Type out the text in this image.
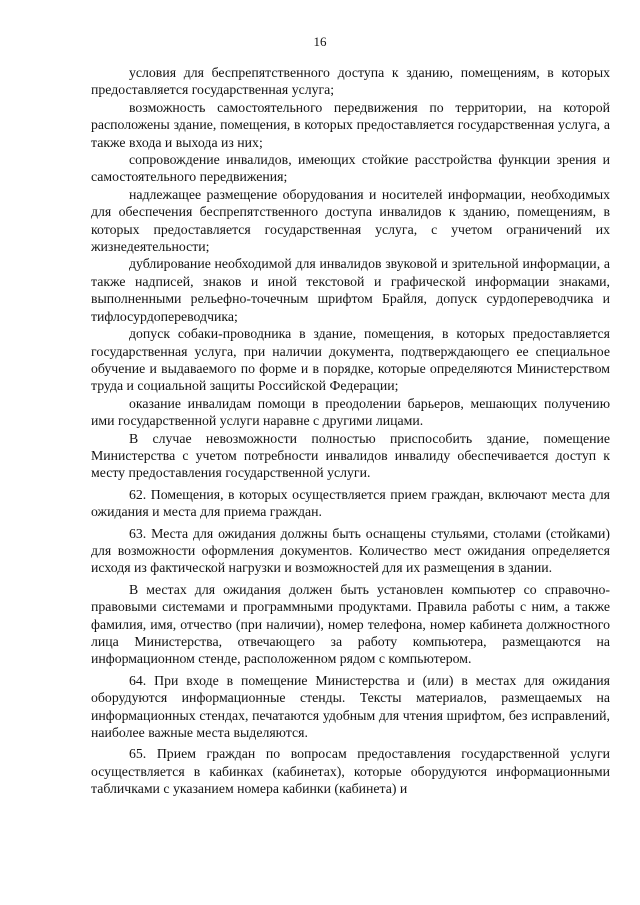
16

условия для беспрепятственного доступа к зданию, помещениям, в которых предоставляется государственная услуга;

возможность самостоятельного передвижения по территории, на которой расположены здание, помещения, в которых предоставляется государственная услуга, а также входа и выхода из них;

сопровождение инвалидов, имеющих стойкие расстройства функции зрения и самостоятельного передвижения;

надлежащее размещение оборудования и носителей информации, необходимых для обеспечения беспрепятственного доступа инвалидов к зданию, помещениям, в которых предоставляется государственная услуга, с учетом ограничений их жизнедеятельности;

дублирование необходимой для инвалидов звуковой и зрительной информации, а также надписей, знаков и иной текстовой и графической информации знаками, выполненными рельефно-точечным шрифтом Брайля, допуск сурдопереводчика и тифлосурдопереводчика;

допуск собаки-проводника в здание, помещения, в которых предоставляется государственная услуга, при наличии документа, подтверждающего ее специальное обучение и выдаваемого по форме и в порядке, которые определяются Министерством труда и социальной защиты Российской Федерации;

оказание инвалидам помощи в преодолении барьеров, мешающих получению ими государственной услуги наравне с другими лицами.

В случае невозможности полностью приспособить здание, помещение Министерства с учетом потребности инвалидов инвалиду обеспечивается доступ к месту предоставления государственной услуги.

62. Помещения, в которых осуществляется прием граждан, включают места для ожидания и места для приема граждан.

63. Места для ожидания должны быть оснащены стульями, столами (стойками) для возможности оформления документов. Количество мест ожидания определяется исходя из фактической нагрузки и возможностей для их размещения в здании.

В местах для ожидания должен быть установлен компьютер со справочно-правовыми системами и программными продуктами. Правила работы с ним, а также фамилия, имя, отчество (при наличии), номер телефона, номер кабинета должностного лица Министерства, отвечающего за работу компьютера, размещаются на информационном стенде, расположенном рядом с компьютером.

64. При входе в помещение Министерства и (или) в местах для ожидания оборудуются информационные стенды. Тексты материалов, размещаемых на информационных стендах, печатаются удобным для чтения шрифтом, без исправлений, наиболее важные места выделяются.

65. Прием граждан по вопросам предоставления государственной услуги осуществляется в кабинках (кабинетах), которые оборудуются информационными табличками с указанием номера кабинки (кабинета) и
